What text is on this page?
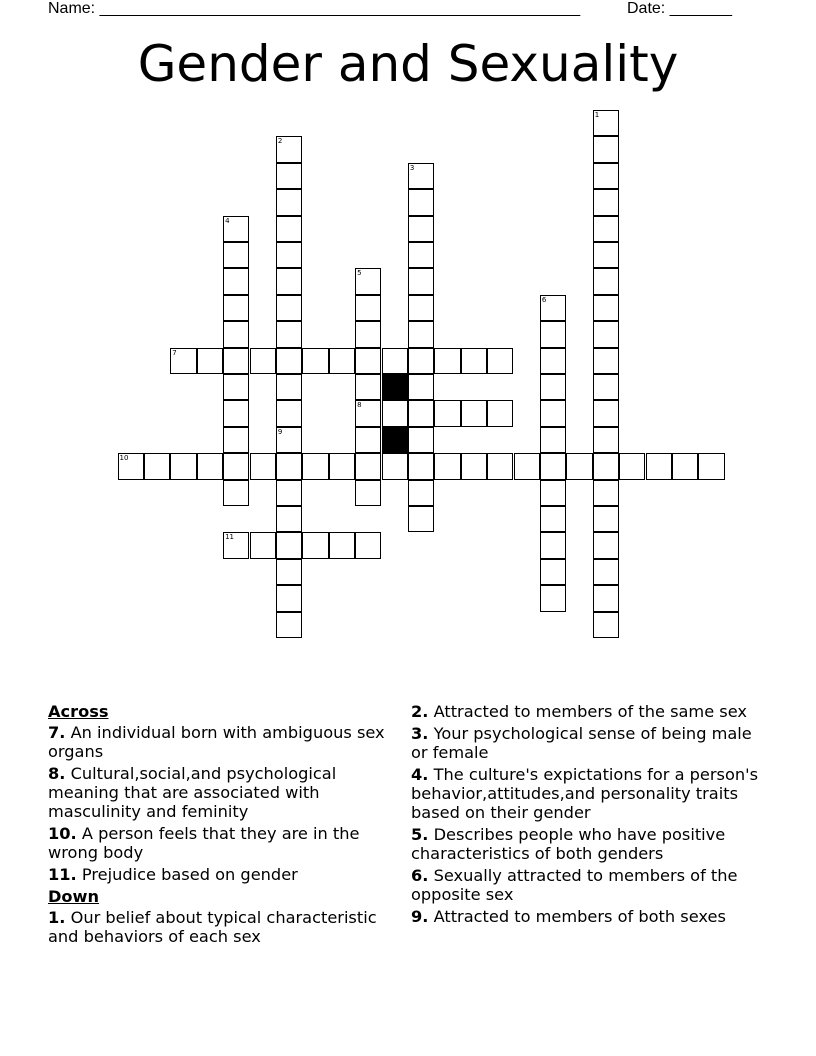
Name: ______________________________________________________	Date: _______
Gender and Sexuality
1
2
9
3
4
5
8
6
7
10
11
Across
7. An individual born with ambiguous sex organs
8. Cultural,social,and psychological meaning that are associated with masculinity and feminity
10. A person feels that they are in the wrong body
11. Prejudice based on gender
Down
1. Our belief about typical characteristic and behaviors of each sex
2. Attracted to members of the same sex
3. Your psychological sense of being male or female
4. The culture's expictations for a person's behavior,attitudes,and personality traits based on their gender
5. Describes people who have positive characteristics of both genders
6. Sexually attracted to members of the opposite sex
9. Attracted to members of both sexes
